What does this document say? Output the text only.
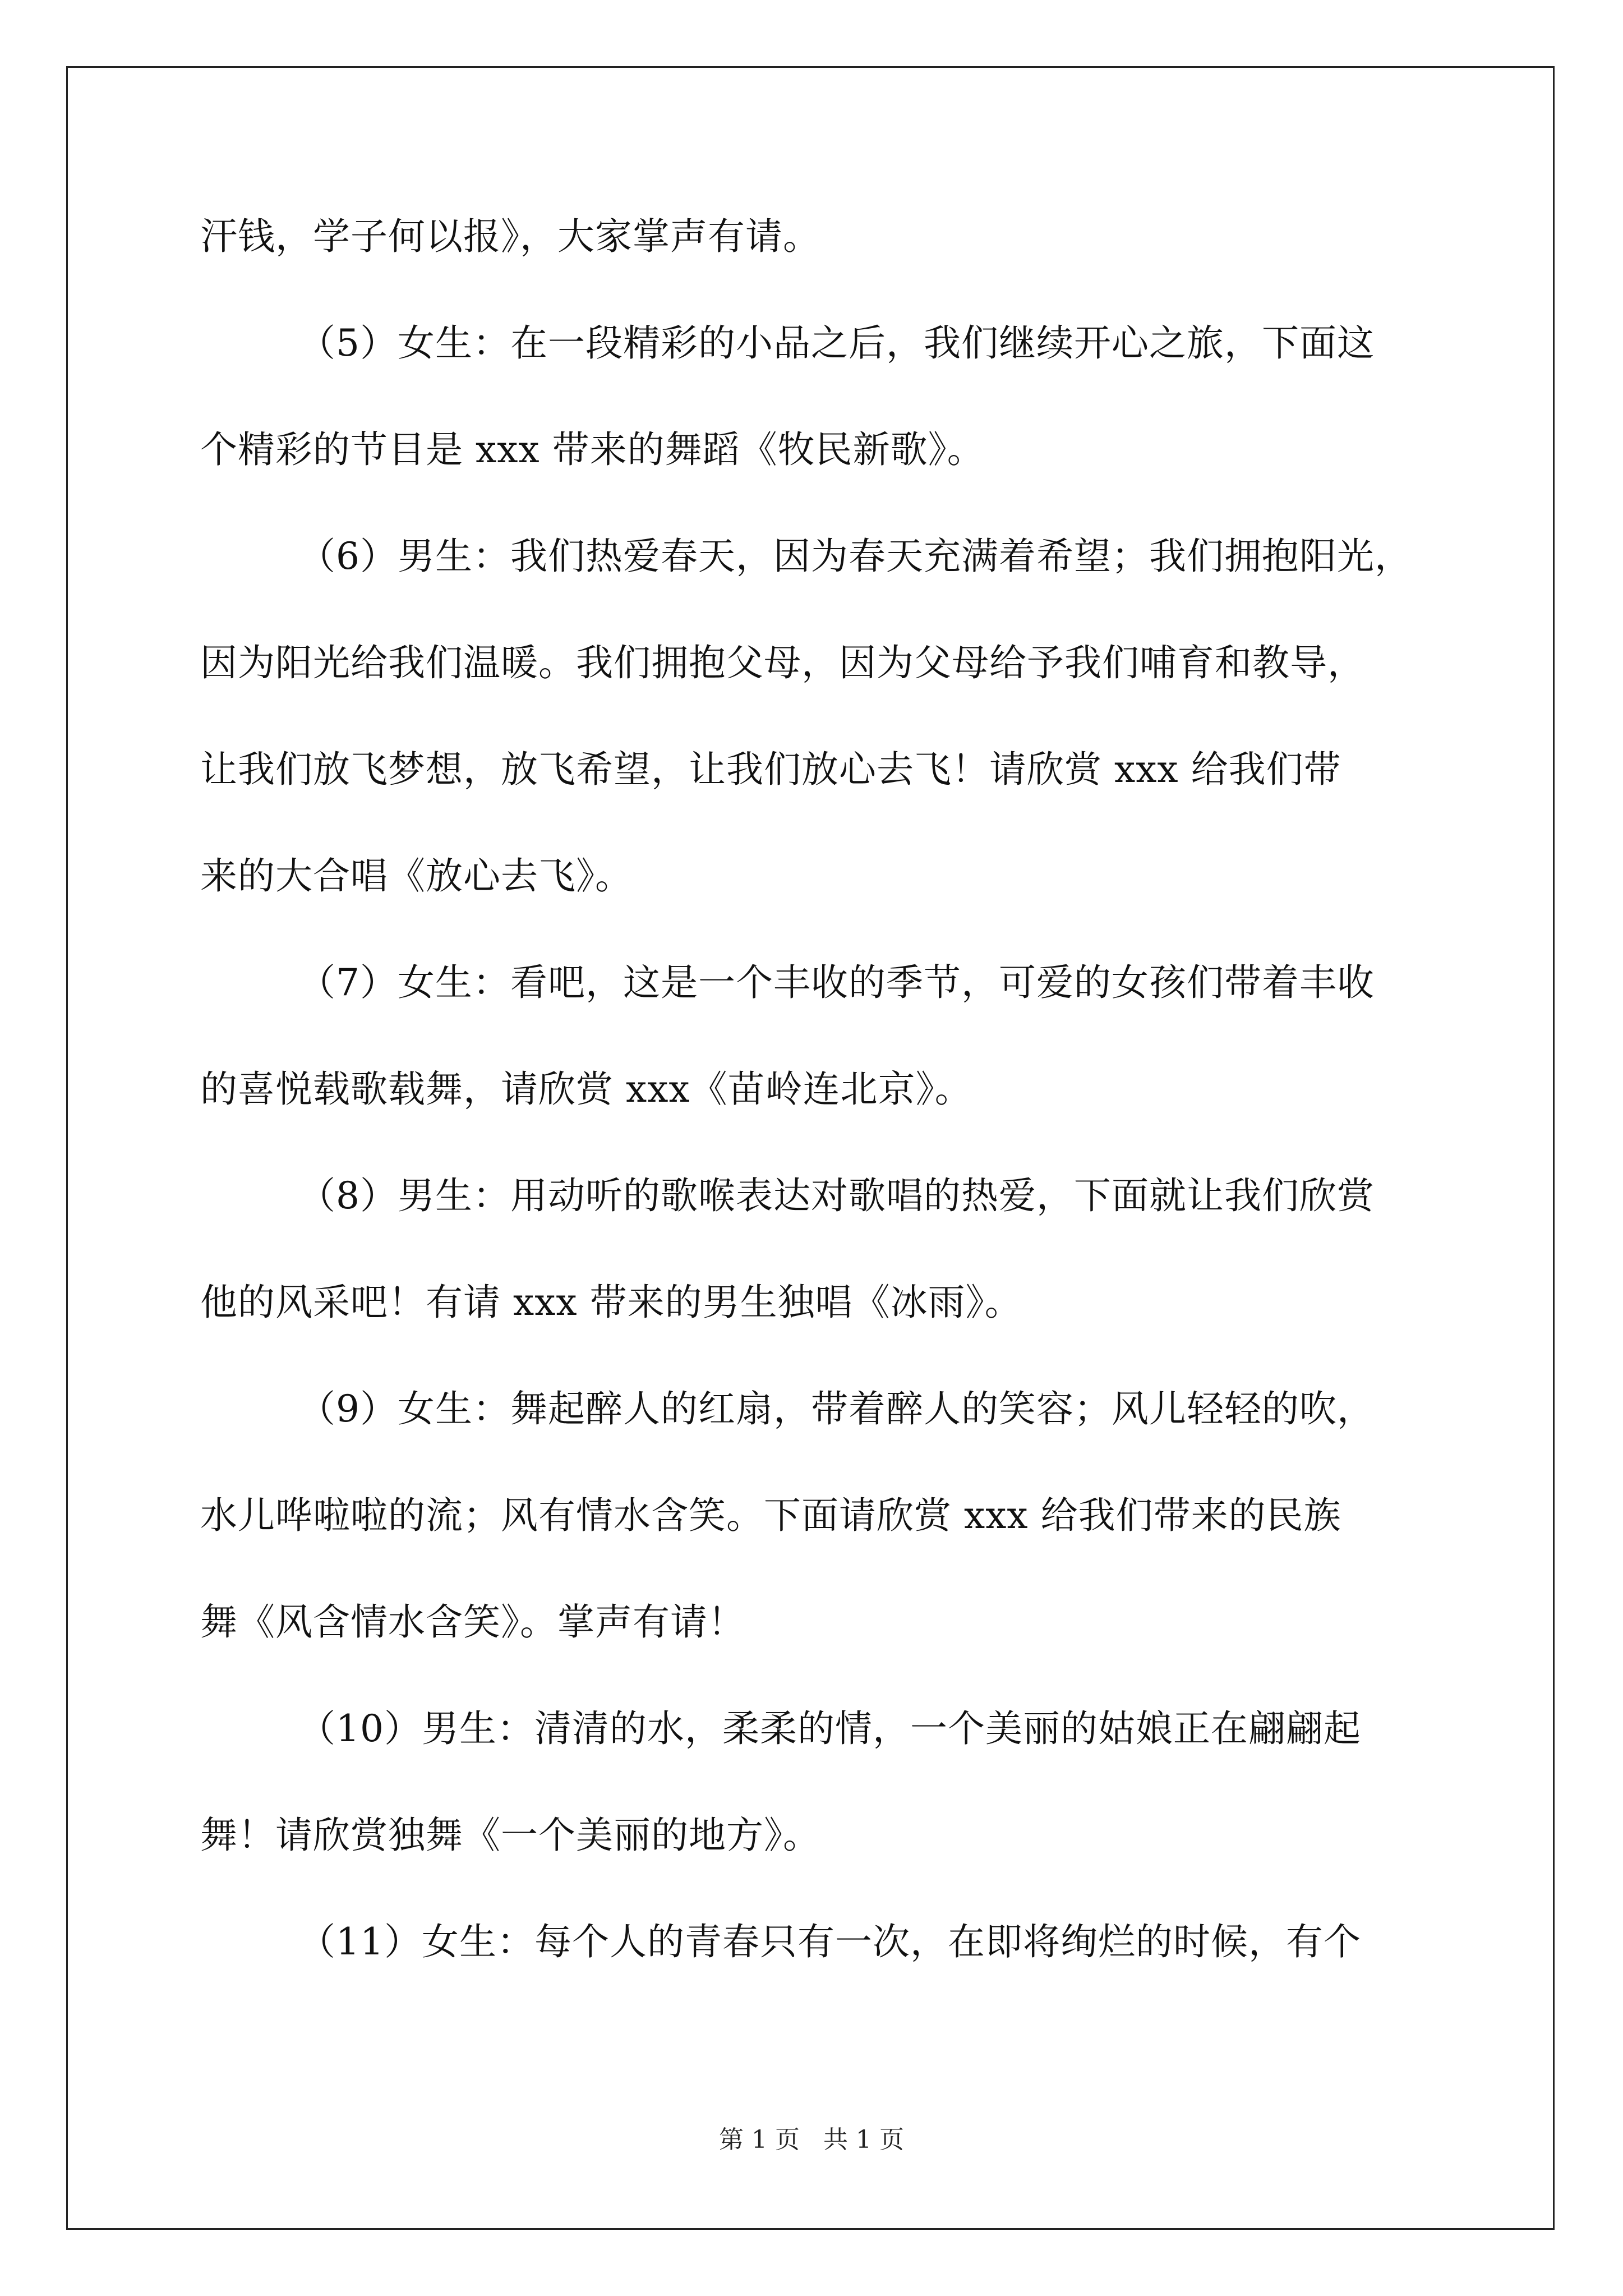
汗钱，学子何以报》，大家掌声有请。
（5）女生：在一段精彩的小品之后，我们继续开心之旅，下面这
个精彩的节目是 xxx 带来的舞蹈《牧民新歌》。
（6）男生：我们热爱春天，因为春天充满着希望；我们拥抱阳光，
因为阳光给我们温暖。我们拥抱父母，因为父母给予我们哺育和教导，
让我们放飞梦想，放飞希望，让我们放心去飞！请欣赏 xxx 给我们带
来的大合唱《放心去飞》。
（7）女生：看吧，这是一个丰收的季节，可爱的女孩们带着丰收
的喜悦载歌载舞，请欣赏 xxx《苗岭连北京》。
（8）男生：用动听的歌喉表达对歌唱的热爱，下面就让我们欣赏
他的风采吧！有请 xxx 带来的男生独唱《冰雨》。
（9）女生：舞起醉人的红扇，带着醉人的笑容；风儿轻轻的吹，
水儿哗啦啦的流；风有情水含笑。下面请欣赏 xxx 给我们带来的民族
舞《风含情水含笑》。掌声有请！
（10）男生：清清的水，柔柔的情，一个美丽的姑娘正在翩翩起
舞！请欣赏独舞《一个美丽的地方》。
（11）女生：每个人的青春只有一次，在即将绚烂的时候，有个
第 1 页   共 1 页
